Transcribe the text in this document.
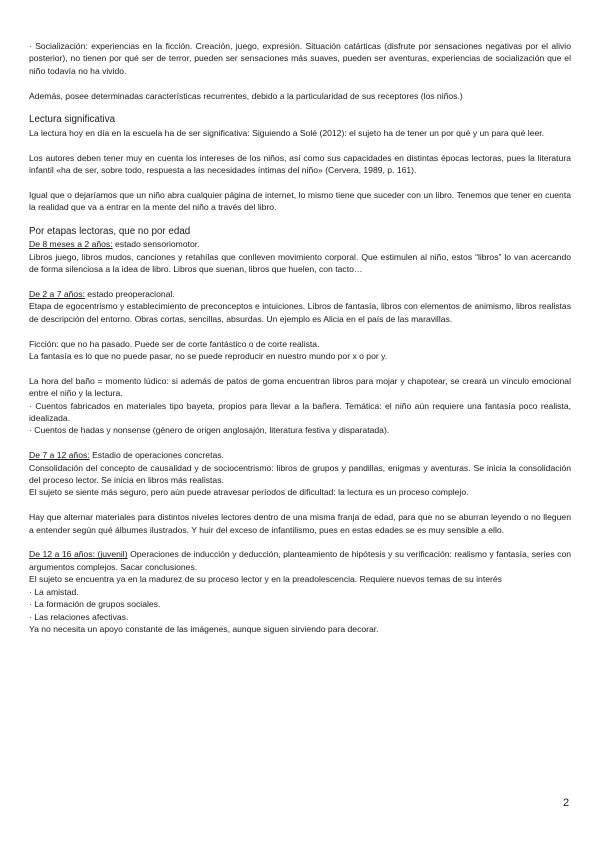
· Socialización: experiencias en la ficción. Creación, juego, expresión. Situación catárticas (disfrute por sensaciones negativas por el alivio posterior), no tienen por qué ser de terror, pueden ser sensaciones más suaves, pueden ser aventuras, experiencias de socialización que el niño todavía no ha vivido.

Además, posee determinadas características recurrentes, debido a la particularidad de sus receptores (los niños.)

Lectura significativa

La lectura hoy en día en la escuela ha de ser significativa: Siguiendo a Solé (2012): el sujeto ha de tener un por qué y un para qué leer.

Los autores deben tener muy en cuenta los intereses de los niños, así como sus capacidades en distintas épocas lectoras, pues la literatura infantil «ha de ser, sobre todo, respuesta a las necesidades íntimas del niño» (Cervera, 1989, p. 161).

Igual que o dejaríamos que un niño abra cualquier página de internet, lo mismo tiene que suceder con un libro. Tenemos que tener en cuenta la realidad que va a entrar en la mente del niño a través del libro.

Por etapas lectoras, que no por edad

De 8 meses a 2 años: estado sensoriomotor.

Libros juego, libros mudos, canciones y retahílas que conlleven movimiento corporal. Que estimulen al niño, estos “libros” lo van acercando de forma silenciosa a la idea de libro. Libros que suenan, libros que huelen, con tacto…

De 2 a 7 años: estado preoperacional.

Etapa de egocentrismo y establecimiento de preconceptos e intuiciones. Libros de fantasía, libros con elementos de animismo, libros realistas de descripción del entorno. Obras cortas, sencillas, absurdas. Un ejemplo es Alicia en el país de las maravillas.

Ficción: que no ha pasado. Puede ser de corte fantástico o de corte realista.

La fantasía es lo que no puede pasar, no se puede reproducir en nuestro mundo por x o por y.

La hora del baño = momento lúdico: si además de patos de goma encuentran libros para mojar y chapotear, se creará un vínculo emocional entre el niño y la lectura.

· Cuentos fabricados en materiales tipo bayeta, propios para llevar a la bañera. Temática: el niño aún requiere una fantasía poco realista, idealizada.

· Cuentos de hadas y nonsense (género de origen anglosajón, literatura festiva y disparatada).

De 7 a 12 años: Estadio de operaciones concretas.

Consolidación del concepto de causalidad y de sociocentrismo: libros de grupos y pandillas, enigmas y aventuras. Se inicia la consolidación del proceso lector. Se inicia en libros más realistas.

El sujeto se siente más seguro, pero aún puede atravesar períodos de dificultad: la lectura es un proceso complejo.

Hay que alternar materiales para distintos niveles lectores dentro de una misma franja de edad, para que no se aburran leyendo o no lleguen a entender según qué álbumes ilustrados. Y huir del exceso de infantilismo, pues en estas edades se es muy sensible a ello.

De 12 a 16 años: (juvenil) Operaciones de inducción y deducción, planteamiento de hipótesis y su verificación: realismo y fantasía, series con argumentos complejos. Sacar conclusiones.

El sujeto se encuentra ya en la madurez de su proceso lector y en la preadolescencia. Requiere nuevos temas de su interés

· La amistad.

· La formación de grupos sociales.

· Las relaciones afectivas.

Ya no necesita un apoyo constante de las imágenes, aunque siguen sirviendo para decorar.

2
